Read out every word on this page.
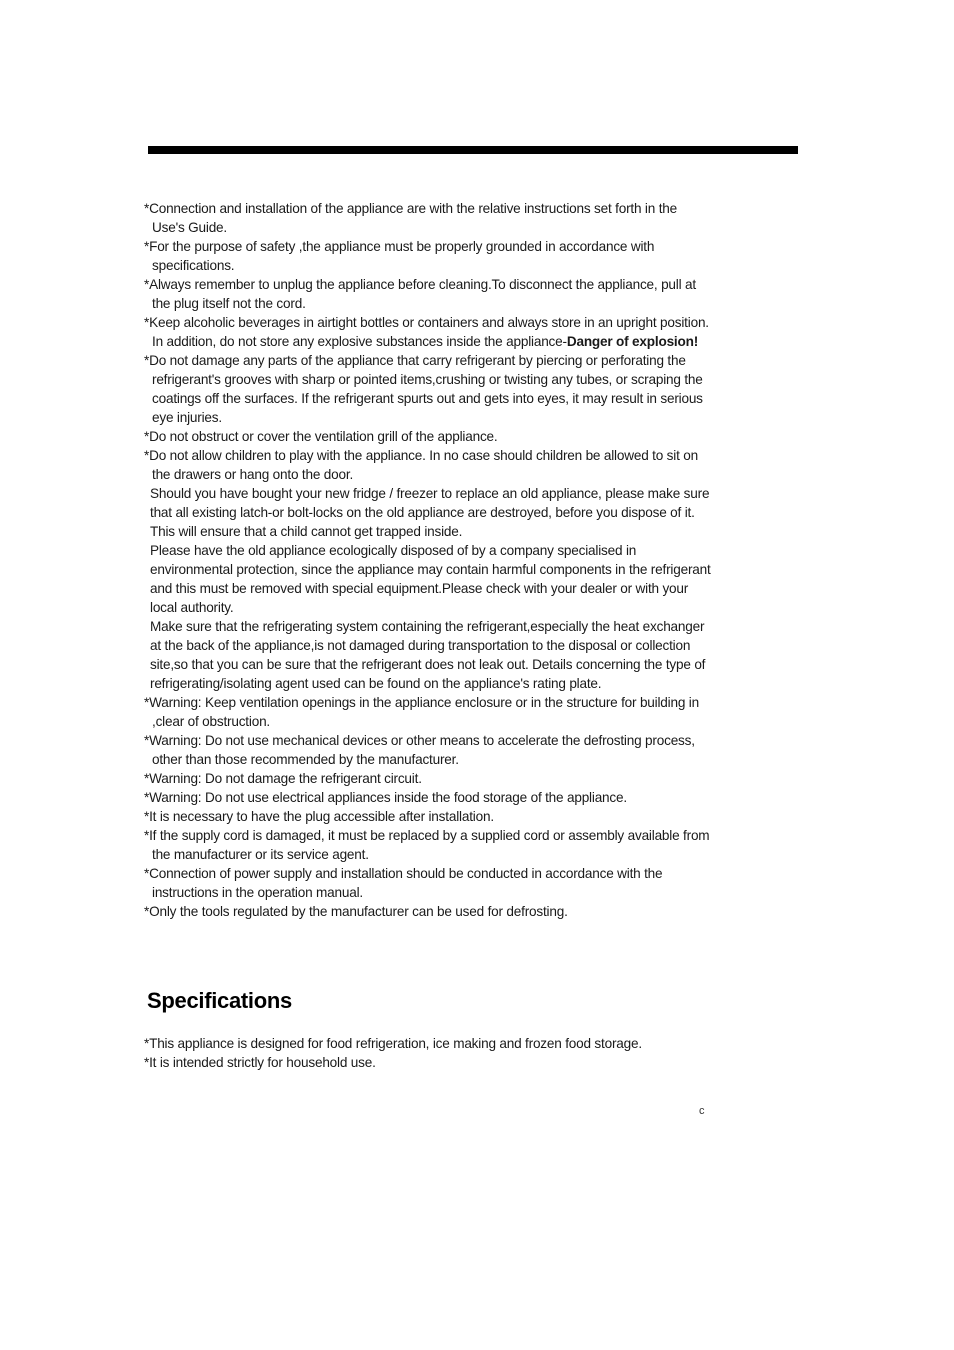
*Connection and installation of the appliance are with the relative instructions set forth in the Use's Guide.

*For the purpose of safety ,the appliance must be properly grounded in accordance with specifications.

*Always remember to unplug the appliance before cleaning.To disconnect the appliance, pull at the plug itself not the cord.

*Keep alcoholic beverages in airtight bottles or containers and always store in an upright position. In addition, do not store any explosive substances inside the appliance-Danger of explosion!

*Do not damage any parts of the appliance that carry refrigerant by piercing or perforating the refrigerant's grooves with sharp or pointed items,crushing or twisting any tubes, or scraping the coatings off the surfaces. If the refrigerant spurts out and gets into eyes, it may result in serious eye injuries.

*Do not obstruct or cover the ventilation grill of the appliance.

*Do not allow children to play with the appliance. In no case should children be allowed to sit on the drawers or hang onto the door.

Should you have bought your new fridge / freezer to replace an old appliance, please make sure that all existing latch-or bolt-locks on the old appliance are destroyed, before you dispose of it.

This will ensure that a child cannot get trapped inside.

Please have the old appliance ecologically disposed of by a company specialised in environmental protection, since the appliance may contain harmful components in the refrigerant and this must be removed with special equipment.Please check with your dealer or with your local authority.

Make sure that the refrigerating system containing the refrigerant,especially the heat exchanger at the back of the appliance,is not damaged during transportation to the disposal or collection site,so that you can be sure that the refrigerant does not leak out. Details concerning the type of refrigerating/isolating agent used can be found on the appliance's rating plate.

*Warning: Keep ventilation openings in the appliance enclosure or in the structure for building in ,clear of obstruction.

*Warning: Do not use mechanical devices or other means to accelerate the defrosting process, other than those recommended by the manufacturer.

*Warning: Do not damage the refrigerant circuit.

*Warning: Do not use electrical appliances inside the food storage of the appliance.

*It is necessary to have the plug accessible after installation.

*If the supply cord is damaged, it must be replaced by a supplied cord or assembly available from the manufacturer or its service agent.

*Connection of power supply and installation should be conducted in accordance with the instructions in the operation manual.

*Only the tools regulated by the manufacturer can be used for defrosting.

Specifications

*This appliance is designed for food refrigeration, ice making and frozen food storage.

*It is intended strictly for household use.

c
